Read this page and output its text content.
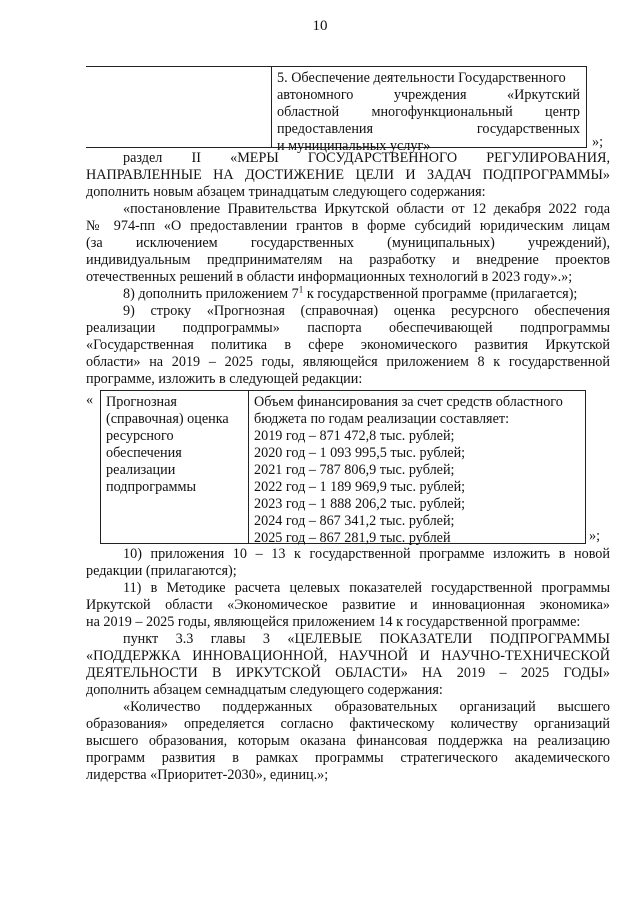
10

5. Обеспечение деятельности Государственного

автономного учреждения «Иркутский

областной многофункциональный центр

предоставления государственных

и муниципальных услуг»	»;

раздел II «МЕРЫ ГОСУДАРСТВЕННОГО РЕГУЛИРОВАНИЯ,

НАПРАВЛЕННЫЕ НА ДОСТИЖЕНИЕ ЦЕЛИ И ЗАДАЧ ПОДПРОГРАММЫ»

дополнить новым абзацем тринадцатым следующего содержания:

«постановление Правительства Иркутской области от 12 декабря 2022 года

№ 974-пп «О предоставлении грантов в форме субсидий юридическим лицам

(за исключением государственных (муниципальных) учреждений),

индивидуальным предпринимателям на разработку и внедрение проектов

отечественных решений в области информационных технологий в 2023 году».»;

8) дополнить приложением $7^1$ к государственной программе (прилагается);

9) строку «Прогнозная (справочная) оценка ресурсного обеспечения

реализации подпрограммы» паспорта обеспечивающей подпрограммы

«Государственная политика в сфере экономического развития Иркутской

области» на 2019 – 2025 годы, являющейся приложением 8 к государственной

программе, изложить в следующей редакции:

« Прогнозная

(справочная) оценка

ресурсного

обеспечения

реализации

подпрограммы

Объем финансирования за счет средств областного

бюджета по годам реализации составляет:

2019 год – 871 472,8 тыс. рублей;

2020 год – 1 093 995,5 тыс. рублей;

2021 год – 787 806,9 тыс. рублей;

2022 год – 1 189 969,9 тыс. рублей;

2023 год – 1 888 206,2 тыс. рублей;

2024 год – 867 341,2 тыс. рублей;

2025 год – 867 281,9 тыс. рублей	»;

10) приложения 10 – 13 к государственной программе изложить в новой

редакции (прилагаются);

11) в Методике расчета целевых показателей государственной программы

Иркутской области «Экономическое развитие и инновационная экономика»

на 2019 – 2025 годы, являющейся приложением 14 к государственной программе:

пункт 3.3 главы 3 «ЦЕЛЕВЫЕ ПОКАЗАТЕЛИ ПОДПРОГРАММЫ

«ПОДДЕРЖКА ИННОВАЦИОННОЙ, НАУЧНОЙ И НАУЧНО-ТЕХНИЧЕСКОЙ

ДЕЯТЕЛЬНОСТИ В ИРКУТСКОЙ ОБЛАСТИ» НА 2019 – 2025 ГОДЫ»

дополнить абзацем семнадцатым следующего содержания:

«Количество поддержанных образовательных организаций высшего

образования» определяется согласно фактическому количеству организаций

высшего образования, которым оказана финансовая поддержка на реализацию

программ развития в рамках программы стратегического академического

лидерства «Приоритет-2030», единиц.»;
